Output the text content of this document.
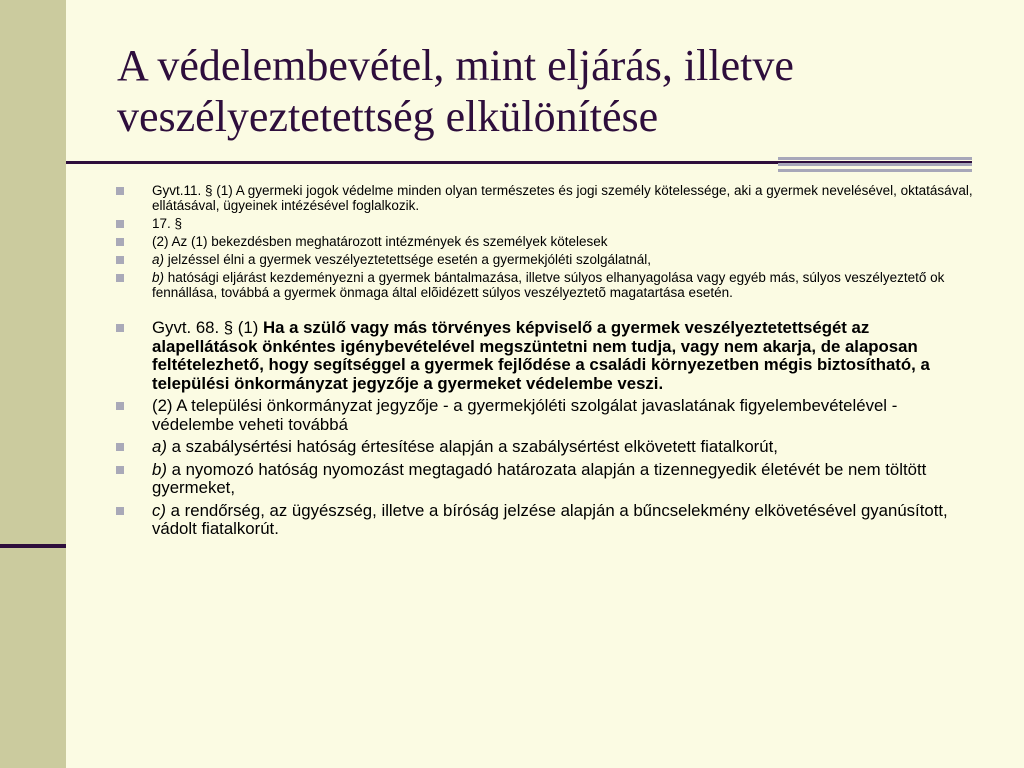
A védelembevétel, mint eljárás, illetve
veszélyeztetettség elkülönítése
Gyvt.11. § (1) A gyermeki jogok védelme minden olyan természetes és jogi személy kötelessége, aki a gyermek nevelésével, oktatásával, ellátásával, ügyeinek intézésével foglalkozik.
17. §
(2) Az (1) bekezdésben meghatározott intézmények és személyek kötelesek
a) jelzéssel élni a gyermek veszélyeztetettsége esetén a gyermekjóléti szolgálatnál,
b) hatósági eljárást kezdeményezni a gyermek bántalmazása, illetve súlyos elhanyagolása vagy egyéb más, súlyos veszélyeztető ok fennállása, továbbá a gyermek önmaga által elõidézett súlyos veszélyeztetõ magatartása esetén.
Gyvt. 68. § (1) Ha a szülő vagy más törvényes képviselő a gyermek veszélyeztetettségét az alapellátások önkéntes igénybevételével megszüntetni nem tudja, vagy nem akarja, de alaposan feltételezhető, hogy segítséggel a gyermek fejlődése a családi környezetben mégis biztosítható, a települési önkormányzat jegyzője a gyermeket védelembe veszi.
(2) A települési önkormányzat jegyzője - a gyermekjóléti szolgálat javaslatának figyelembevételével - védelembe veheti továbbá
a) a szabálysértési hatóság értesítése alapján a szabálysértést elkövetett fiatalkorút,
b) a nyomozó hatóság nyomozást megtagadó határozata alapján a tizennegyedik életévét be nem töltött gyermeket,
c) a rendőrség, az ügyészség, illetve a bíróság jelzése alapján a bűncselekmény elkövetésével gyanúsított, vádolt fiatalkorút.
